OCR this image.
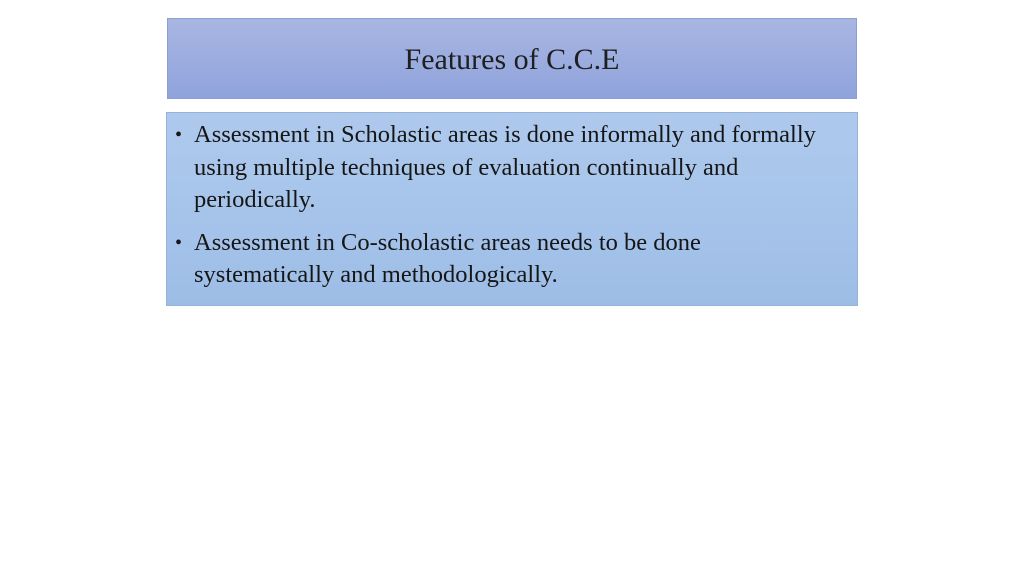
Features of C.C.E
• Assessment in Scholastic areas is done informally and formally using multiple techniques of evaluation continually and periodically.
• Assessment in Co-scholastic areas needs to be done systematically and methodologically.
